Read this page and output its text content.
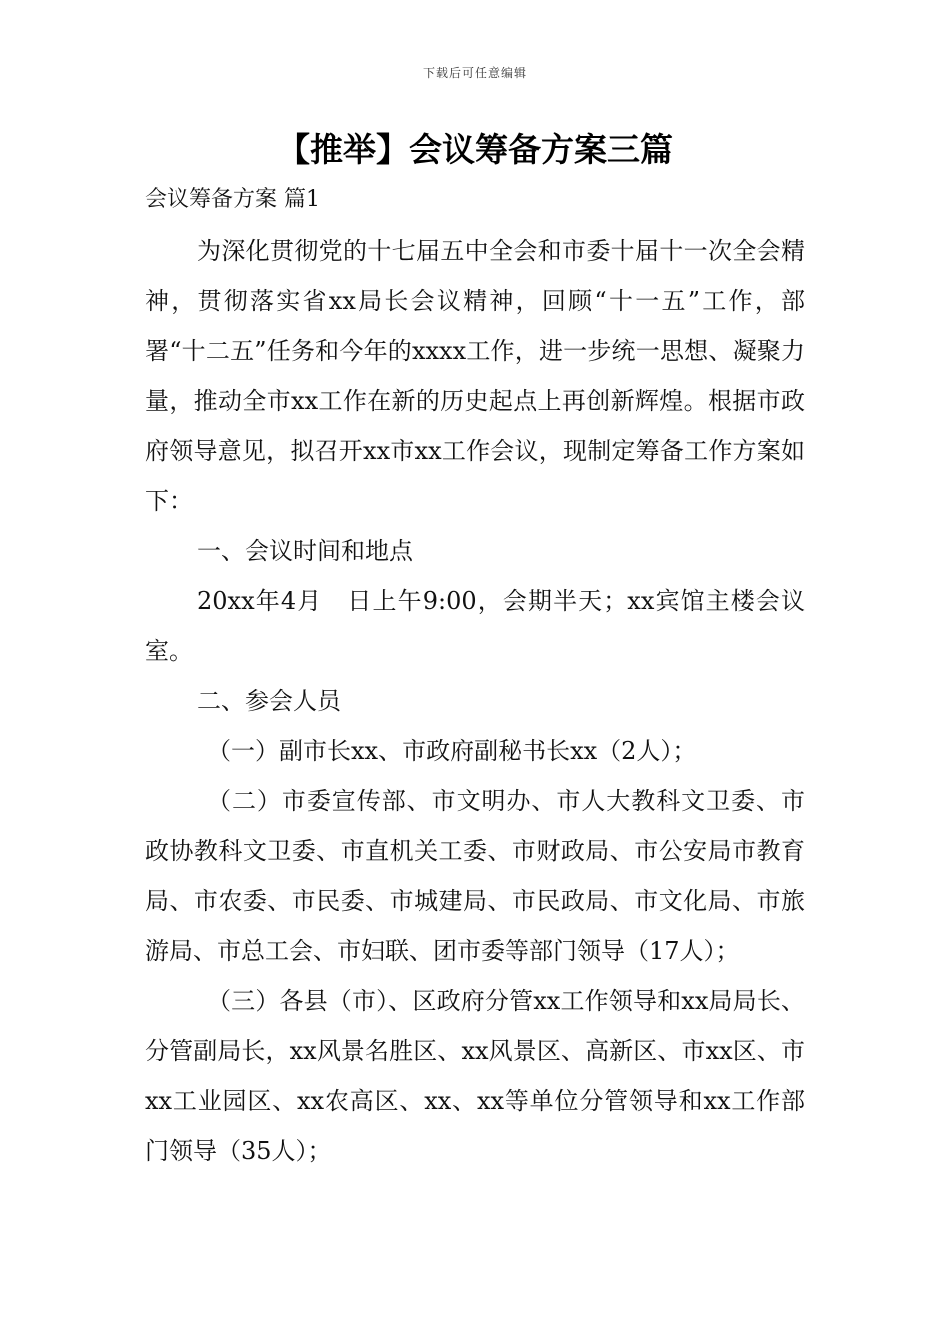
下载后可任意编辑
【推举】会议筹备方案三篇
会议筹备方案 篇1

为深化贯彻党的十七届五中全会和市委十届十一次全会精神，贯彻落实省xx局长会议精神，回顾“十一五”工作，部署“十二五”任务和今年的xxxx工作，进一步统一思想、凝聚力量，推动全市xx工作在新的历史起点上再创新辉煌。根据市政府领导意见，拟召开xx市xx工作会议，现制定筹备工作方案如下：

一、会议时间和地点

20xx年4月　日上午9:00，会期半天；xx宾馆主楼会议室。

二、参会人员

（一）副市长xx、市政府副秘书长xx（2人）；

（二）市委宣传部、市文明办、市人大教科文卫委、市政协教科文卫委、市直机关工委、市财政局、市公安局市教育局、市农委、市民委、市城建局、市民政局、市文化局、市旅游局、市总工会、市妇联、团市委等部门领导（17人）；

（三）各县（市）、区政府分管xx工作领导和xx局局长、分管副局长，xx风景名胜区、xx风景区、高新区、市xx区、市xx工业园区、xx农高区、xx、xx等单位分管领导和xx工作部门领导（35人）；
